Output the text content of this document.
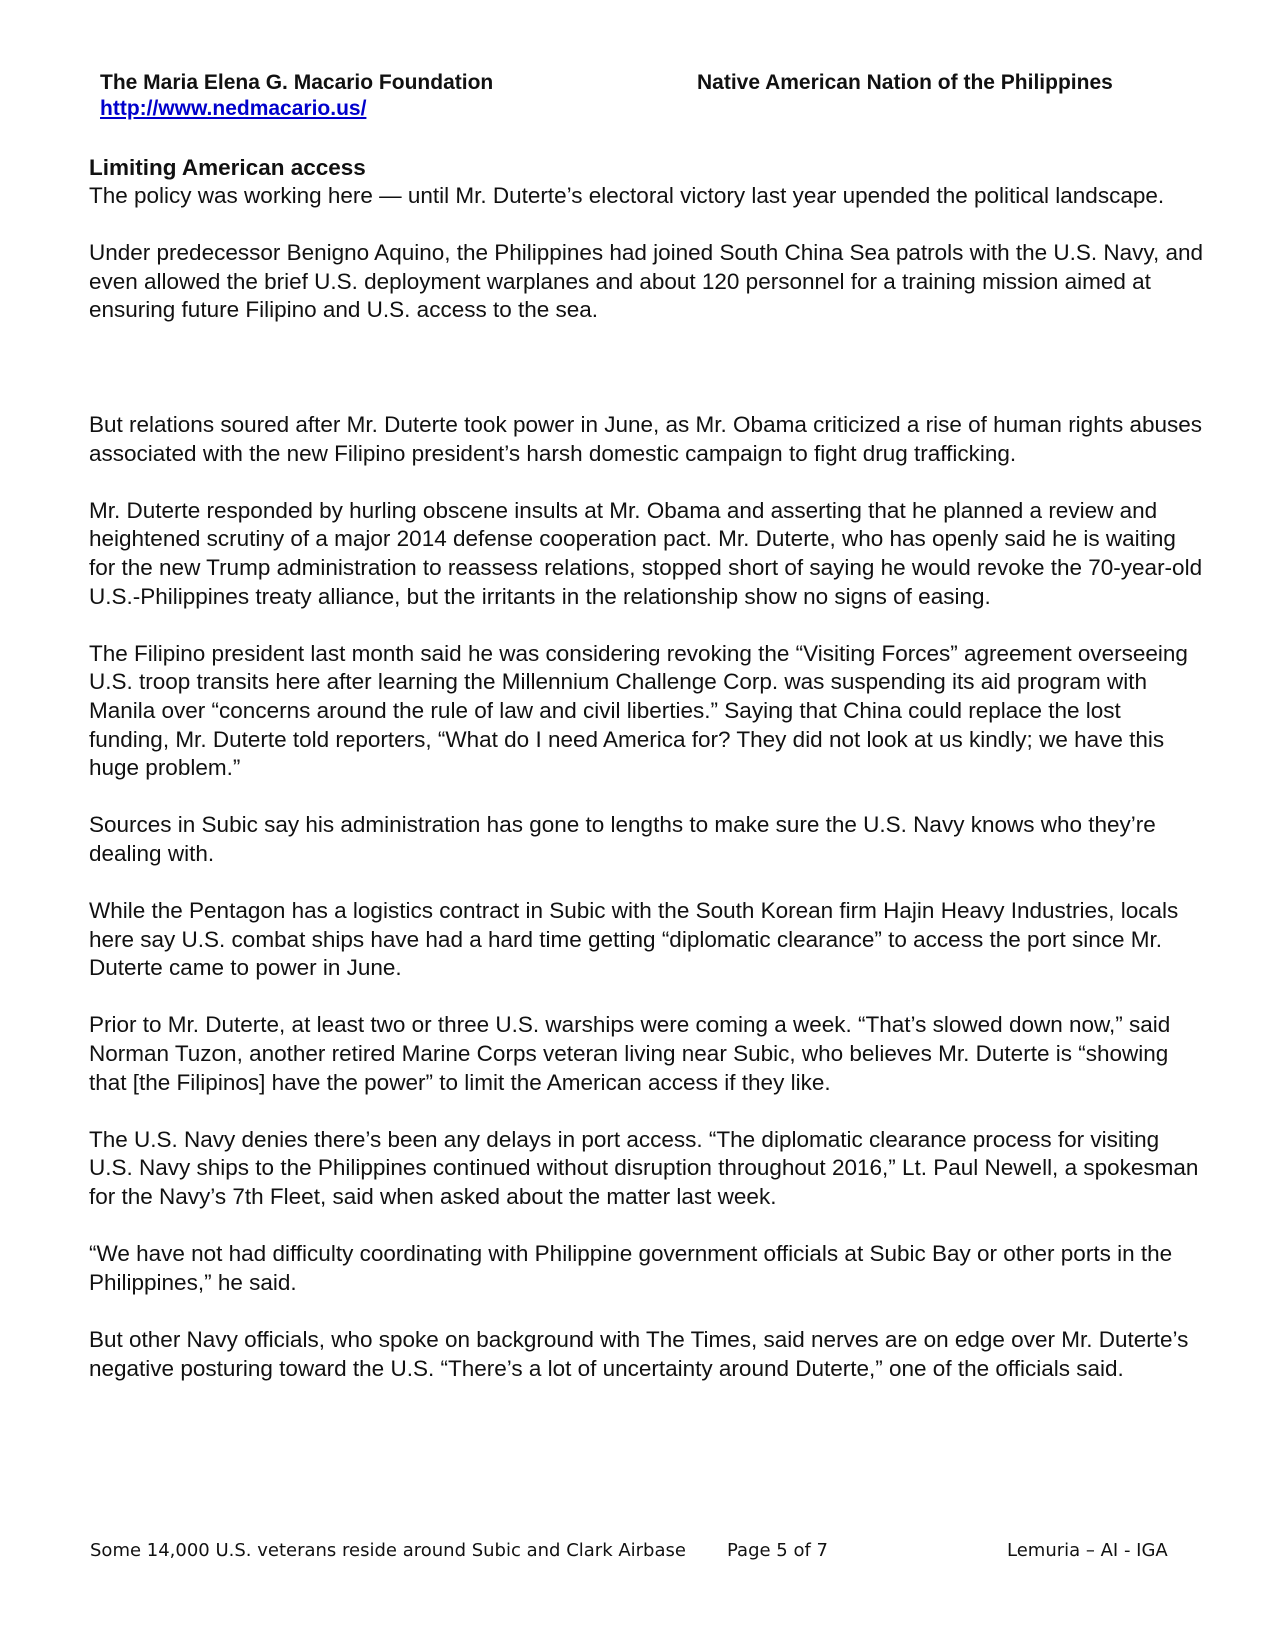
The Maria Elena G. Macario Foundation
http://www.nedmacario.us/
Native American Nation of the Philippines
Limiting American access

The policy was working here — until Mr. Duterte’s electoral victory last year upended the political landscape.

Under predecessor Benigno Aquino, the Philippines had joined South China Sea patrols with the U.S. Navy, and even allowed the brief U.S. deployment warplanes and about 120 personnel for a training mission aimed at ensuring future Filipino and U.S. access to the sea.

But relations soured after Mr. Duterte took power in June, as Mr. Obama criticized a rise of human rights abuses associated with the new Filipino president’s harsh domestic campaign to fight drug trafficking.

Mr. Duterte responded by hurling obscene insults at Mr. Obama and asserting that he planned a review and heightened scrutiny of a major 2014 defense cooperation pact. Mr. Duterte, who has openly said he is waiting for the new Trump administration to reassess relations, stopped short of saying he would revoke the 70-year-old U.S.-Philippines treaty alliance, but the irritants in the relationship show no signs of easing.

The Filipino president last month said he was considering revoking the “Visiting Forces” agreement overseeing U.S. troop transits here after learning the Millennium Challenge Corp. was suspending its aid program with Manila over “concerns around the rule of law and civil liberties.” Saying that China could replace the lost funding, Mr. Duterte told reporters, “What do I need America for? They did not look at us kindly; we have this huge problem.”

Sources in Subic say his administration has gone to lengths to make sure the U.S. Navy knows who they’re dealing with.

While the Pentagon has a logistics contract in Subic with the South Korean firm Hajin Heavy Industries, locals here say U.S. combat ships have had a hard time getting “diplomatic clearance” to access the port since Mr. Duterte came to power in June.

Prior to Mr. Duterte, at least two or three U.S. warships were coming a week. “That’s slowed down now,” said Norman Tuzon, another retired Marine Corps veteran living near Subic, who believes Mr. Duterte is “showing that [the Filipinos] have the power” to limit the American access if they like.

The U.S. Navy denies there’s been any delays in port access. “The diplomatic clearance process for visiting U.S. Navy ships to the Philippines continued without disruption throughout 2016,” Lt. Paul Newell, a spokesman for the Navy’s 7th Fleet, said when asked about the matter last week.

“We have not had difficulty coordinating with Philippine government officials at Subic Bay or other ports in the Philippines,” he said.

But other Navy officials, who spoke on background with The Times, said nerves are on edge over Mr. Duterte’s negative posturing toward the U.S. “There’s a lot of uncertainty around Duterte,” one of the officials said.

Some 14,000 U.S. veterans reside around Subic and Clark Airbase Page 5 of 7	Lemuria – AI - IGA
